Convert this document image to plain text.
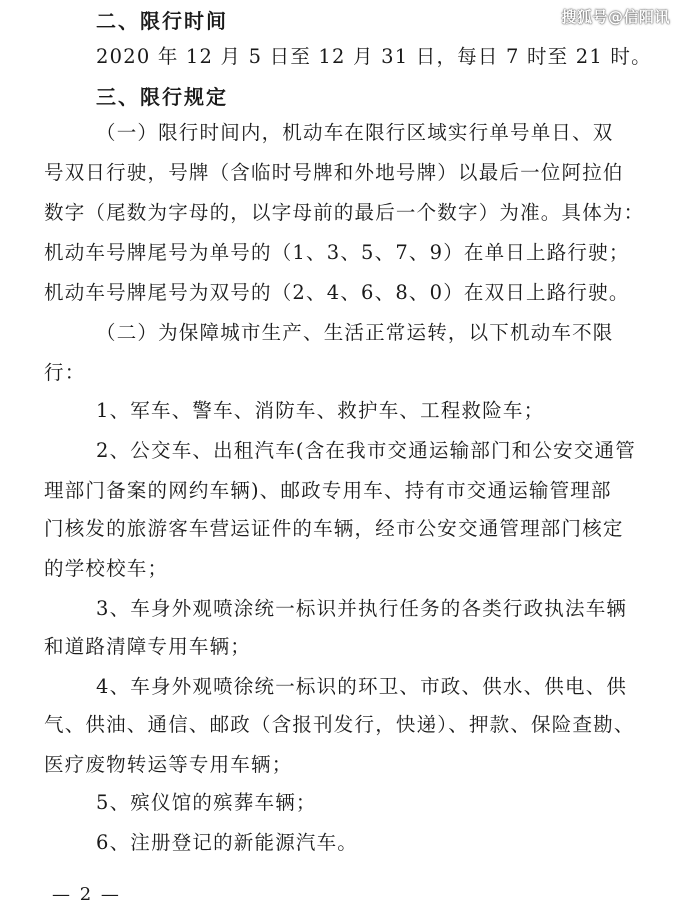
搜狐号@信阳讯
二、限行时间
2020 年 12 月 5 日至 12 月 31 日，每日 7 时至 21 时。
三、限行规定
（一）限行时间内，机动车在限行区域实行单号单日、双
号双日行驶，号牌（含临时号牌和外地号牌）以最后一位阿拉伯
数字（尾数为字母的，以字母前的最后一个数字）为准。具体为：
机动车号牌尾号为单号的（1、3、5、7、9）在单日上路行驶；
机动车号牌尾号为双号的（2、4、6、8、0）在双日上路行驶。
（二）为保障城市生产、生活正常运转，以下机动车不限
行：
1、军车、警车、消防车、救护车、工程救险车；
2、公交车、出租汽车(含在我市交通运输部门和公安交通管
理部门备案的网约车辆)、邮政专用车、持有市交通运输管理部
门核发的旅游客车营运证件的车辆，经市公安交通管理部门核定
的学校校车；
3、车身外观喷涂统一标识并执行任务的各类行政执法车辆
和道路清障专用车辆；
4、车身外观喷徐统一标识的环卫、市政、供水、供电、供
气、供油、通信、邮政（含报刊发行，快递）、押款、保险查勘、
医疗废物转运等专用车辆；
5、殡仪馆的殡葬车辆；
6、注册登记的新能源汽车。
— 2 —
